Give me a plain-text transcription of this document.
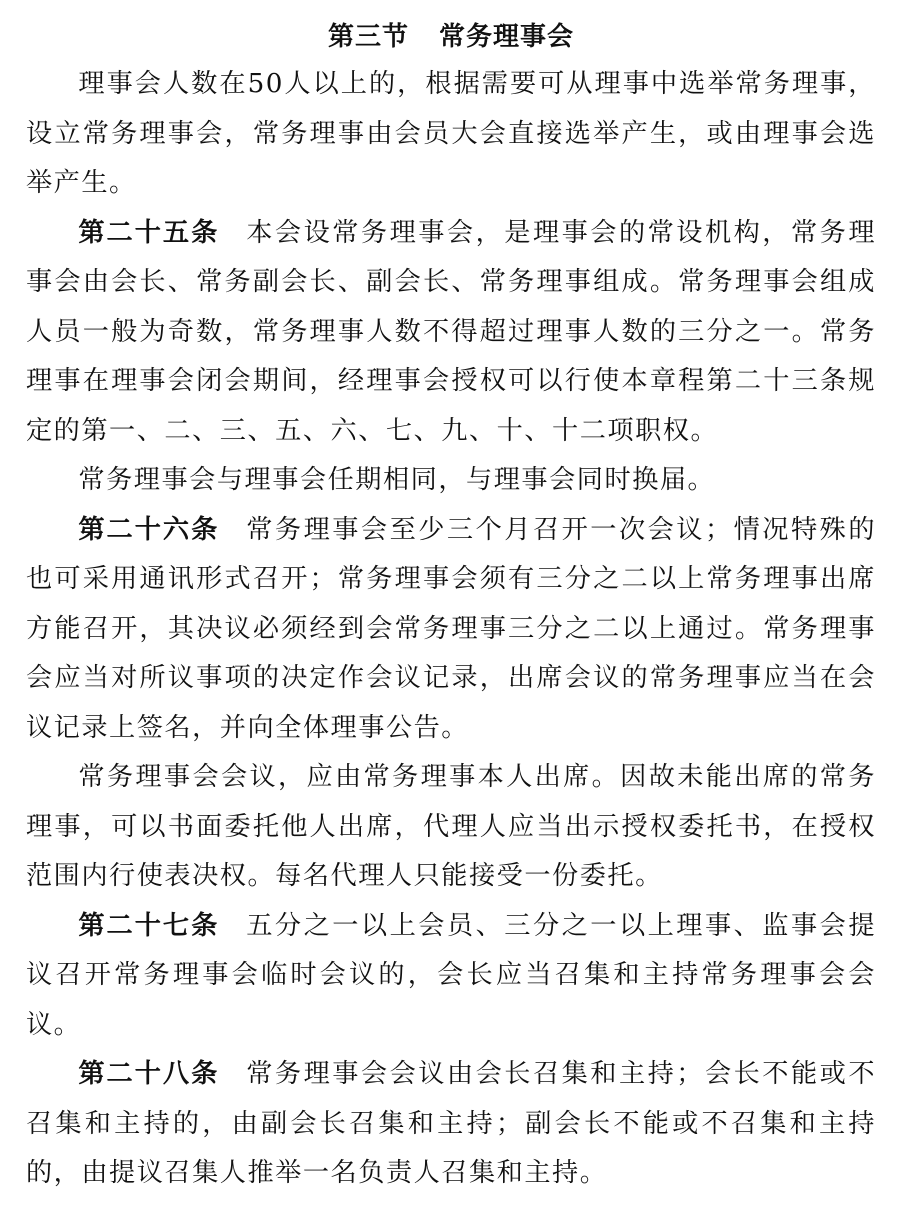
第三节 常务理事会

理事会人数在50人以上的，根据需要可从理事中选举常务理事，设立常务理事会，常务理事由会员大会直接选举产生，或由理事会选举产生。

第二十五条 本会设常务理事会，是理事会的常设机构，常务理事会由会长、常务副会长、副会长、常务理事组成。常务理事会组成人员一般为奇数，常务理事人数不得超过理事人数的三分之一。常务理事在理事会闭会期间，经理事会授权可以行使本章程第二十三条规定的第一、二、三、五、六、七、九、十、十二项职权。

常务理事会与理事会任期相同，与理事会同时换届。

第二十六条 常务理事会至少三个月召开一次会议；情况特殊的也可采用通讯形式召开；常务理事会须有三分之二以上常务理事出席方能召开，其决议必须经到会常务理事三分之二以上通过。常务理事会应当对所议事项的决定作会议记录，出席会议的常务理事应当在会议记录上签名，并向全体理事公告。

常务理事会会议，应由常务理事本人出席。因故未能出席的常务理事，可以书面委托他人出席，代理人应当出示授权委托书，在授权范围内行使表决权。每名代理人只能接受一份委托。

第二十七条 五分之一以上会员、三分之一以上理事、监事会提议召开常务理事会临时会议的，会长应当召集和主持常务理事会会议。

第二十八条 常务理事会会议由会长召集和主持；会长不能或不召集和主持的，由副会长召集和主持；副会长不能或不召集和主持的，由提议召集人推举一名负责人召集和主持。
